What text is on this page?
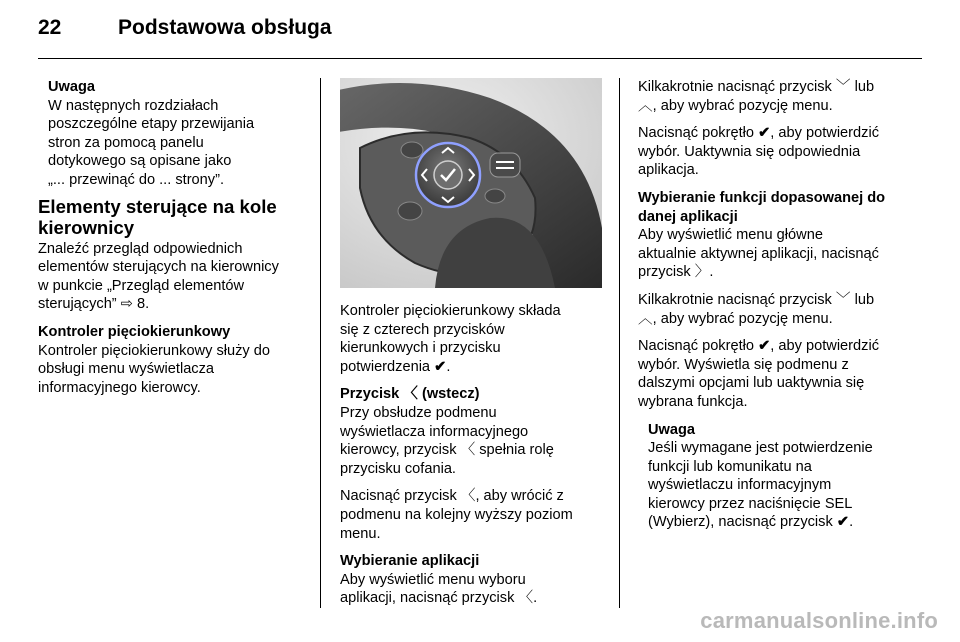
22	Podstawowa obsługa
Uwaga
W następnych rozdziałach
poszczególne etapy przewijania
stron za pomocą panelu
dotykowego są opisane jako
„... przewinąć do ... strony”.
Elementy sterujące na kole
kierownicy

Znaleźć przegląd odpowiednich
elementów sterujących na kierownicy
w punkcie „Przegląd elementów
sterujących” ⇨ 8.

Kontroler pięciokierunkowy
Kontroler pięciokierunkowy służy do
obsługi menu wyświetlacza
informacyjnego kierowcy.

Kontroler pięciokierunkowy składa
się z czterech przycisków
kierunkowych i przycisku
potwierdzenia ✔.

Przycisk 〈 (wstecz)
Przy obsłudze podmenu
wyświetlacza informacyjnego
kierowcy, przycisk 〈 spełnia rolę
przycisku cofania.

Nacisnąć przycisk 〈, aby wrócić z
podmenu na kolejny wyższy poziom
menu.

Wybieranie aplikacji
Aby wyświetlić menu wyboru
aplikacji, nacisnąć przycisk 〈.

Kilkakrotnie nacisnąć przycisk ﹀ lub
︿, aby wybrać pozycję menu.

Nacisnąć pokrętło ✔, aby potwierdzić
wybór. Uaktywnia się odpowiednia
aplikacja.

Wybieranie funkcji dopasowanej do
danej aplikacji
Aby wyświetlić menu główne
aktualnie aktywnej aplikacji, nacisnąć
przycisk 〉.

Kilkakrotnie nacisnąć przycisk ﹀ lub
︿, aby wybrać pozycję menu.

Nacisnąć pokrętło ✔, aby potwierdzić
wybór. Wyświetla się podmenu z
dalszymi opcjami lub uaktywnia się
wybrana funkcja.

Uwaga
Jeśli wymagane jest potwierdzenie
funkcji lub komunikatu na
wyświetlaczu informacyjnym
kierowcy przez naciśnięcie SEL
(Wybierz), nacisnąć przycisk ✔.
carmanualsonline.info
